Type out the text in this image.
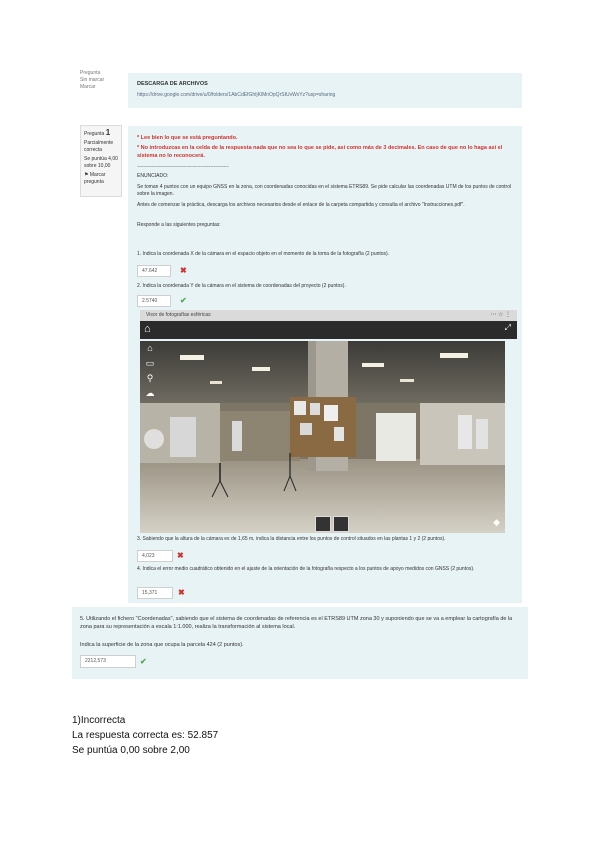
Pregunta
Sin marcar
Marcar	DESCARGA DE ARCHIVOS
https://drive.google.com/drive/u/0/folders/1AbCdEfGhIjKlMnOpQrStUvWxYz?usp=sharing
Pregunta 1
Parcialmente correcta
Se puntúa 4,00 sobre 10,00
⚑ Marcar pregunta
* Lee bien lo que se está preguntando.
* No introduzcas en la celda de la respuesta nada que no sea lo que se pide, así como más de 3 decimales. En caso de que no lo haga así el sistema no lo reconocerá.
-------------------------------------------------------
ENUNCIADO:
Se toman 4 puntos con un equipo GNSS en la zona, con coordenadas conocidas en el sistema ETRS89. Se pide calcular las coordenadas UTM de los puntos de control sobre la imagen.
Antes de comenzar la práctica, descarga los archivos necesarios desde el enlace de la carpeta compartida y consulta el archivo "Instrucciones.pdf".
Responde a las siguientes preguntas:
1. Indica la coordenada X de la cámara en el espacio objeto en el momento de la toma de la fotografía (2 puntos).
47.642	✖
2. Indica la coordenada Y de la cámara en el sistema de coordenadas del proyecto (2 puntos).
2.5740	✔
3. Sabiendo que la altura de la cámara es de 1,65 m, indica la distancia entre los puntos de control situados en las plantas 1 y 2 (2 puntos).
4,023	✖
4. Indica el error medio cuadrático obtenido en el ajuste de la orientación de la fotografía respecto a los puntos de apoyo medidos con GNSS (2 puntos).
15,371	✖
Visor de fotografías esféricas	⋯ ☆ ⋮
⌂	⤢
⌂
▭
⚲
☁
◆
5. Utilizando el fichero "Coordenadas", sabiendo que el sistema de coordenadas de referencia es el ETRS89 UTM zona 30 y suponiendo que se va a emplear la cartografía de la zona para su representación a escala 1:1.000, realiza la transformación al sistema local.
Indica la superficie de la zona que ocupa la parcela 424 (2 puntos).
2212,573	✔
1)Incorrecta
La respuesta correcta es: 52.857
Se puntúa 0,00 sobre 2,00
